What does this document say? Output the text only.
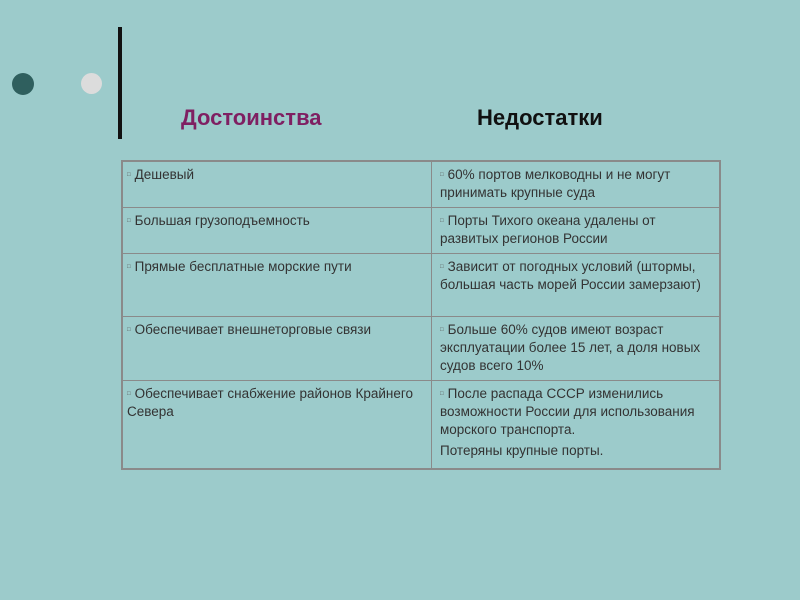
Достоинства	Недостатки
□ Дешевый	□ 60% портов мелководны и не могут принимать крупные суда
□ Большая грузоподъемность	□ Порты Тихого океана удалены от развитых регионов России
□ Прямые бесплатные морские пути	□ Зависит от погодных условий (штормы, большая часть морей России замерзают)
□ Обеспечивает внешнеторговые связи	□ Больше 60% судов имеют возраст эксплуатации более 15 лет, а доля новых судов всего 10%
□ Обеспечивает снабжение районов Крайнего Севера	□ После распада СССР изменились возможности России для использования морского транспорта.
Потеряны крупные порты.
